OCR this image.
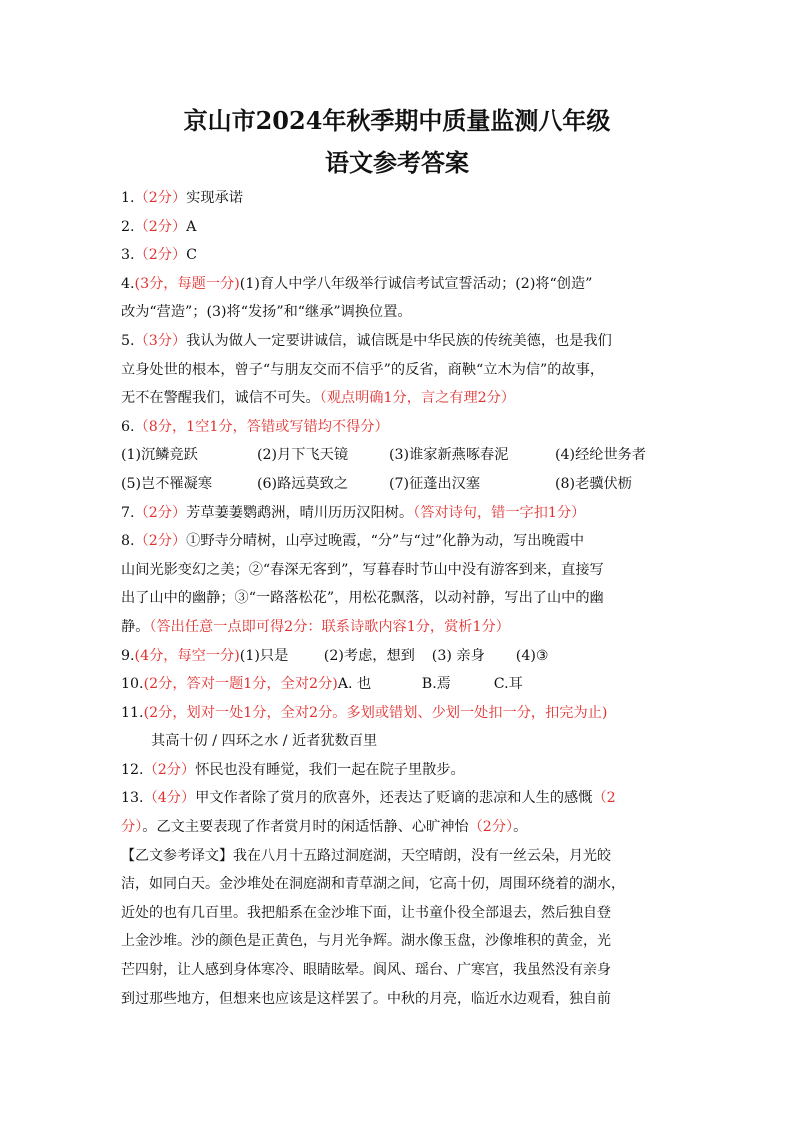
京山市2024年秋季期中质量监测八年级
语文参考答案
1.（2分）实现承诺
2.（2分）A
3.（2分）C
4.(3分，每题一分)(1)育人中学八年级举行诚信考试宣誓活动；(2)将“创造”
改为“营造”；(3)将“发扬”和“继承”调换位置。
5.（3分）我认为做人一定要讲诚信，诚信既是中华民族的传统美德，也是我们
立身处世的根本，曾子“与朋友交而不信乎”的反省，商鞅“立木为信”的故事，
无不在警醒我们，诚信不可失。（观点明确1分，言之有理2分）
6.（8分，1空1分，答错或写错均不得分）
(1)沉鳞竞跃	(2)月下飞天镜	(3)谁家新燕啄春泥	(4)经纶世务者
(5)岂不罹凝寒	(6)路远莫致之	(7)征蓬出汉塞	(8)老骥伏枥
7.（2分）芳草萋萋鹦鹉洲，晴川历历汉阳树。（答对诗句，错一字扣1分）
8.（2分）①野寺分晴树，山亭过晚霞，“分”与“过”化静为动，写出晚霞中
山间光影变幻之美；②“春深无客到”，写暮春时节山中没有游客到来，直接写
出了山中的幽静；③“一路落松花”，用松花飘落，以动衬静，写出了山中的幽
静。（答出任意一点即可得2分：联系诗歌内容1分，赏析1分）
9.(4分，每空一分)(1)只是	(2)考虑，想到 (3) 亲身 (4)③
10.(2分，答对一题1分，全对2分)A. 也	B.焉	C.耳
11.(2分，划对一处1分，全对2分。多划或错划、少划一处扣一分，扣完为止)
其高十仞 / 四环之水 / 近者犹数百里
12.（2分）怀民也没有睡觉，我们一起在院子里散步。
13.（4分）甲文作者除了赏月的欣喜外，还表达了贬谪的悲凉和人生的感慨（2
分）。乙文主要表现了作者赏月时的闲适恬静、心旷神怡（2分）。
【乙文参考译文】我在八月十五路过洞庭湖，天空晴朗，没有一丝云朵，月光皎
洁，如同白天。金沙堆处在洞庭湖和青草湖之间，它高十仞，周围环绕着的湖水，
近处的也有几百里。我把船系在金沙堆下面，让书童仆役全部退去，然后独自登
上金沙堆。沙的颜色是正黄色，与月光争辉。湖水像玉盘，沙像堆积的黄金，光
芒四射，让人感到身体寒冷、眼睛眩晕。阆风、瑶台、广寒宫，我虽然没有亲身
到过那些地方，但想来也应该是这样罢了。中秋的月亮，临近水边观看，独自前
